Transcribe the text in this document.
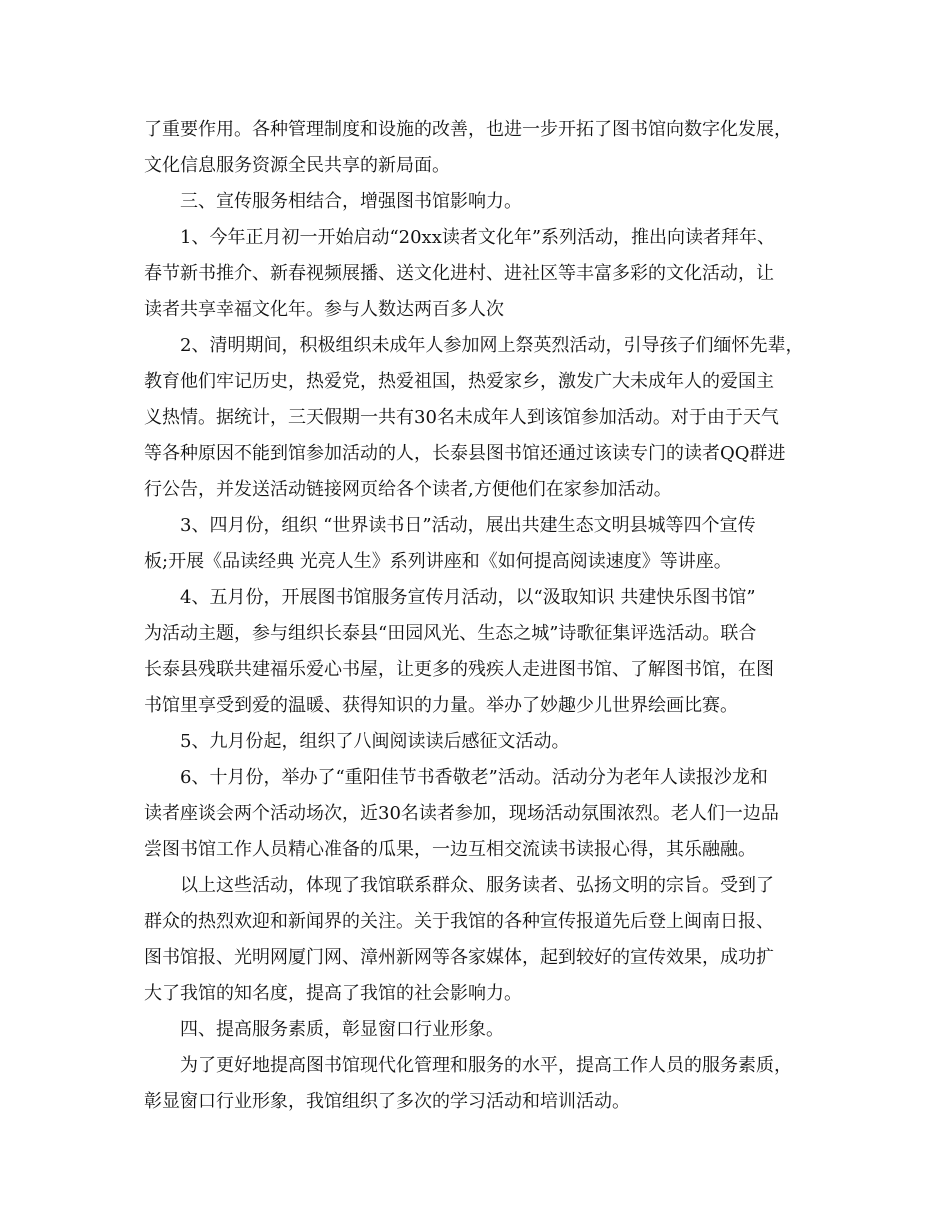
了重要作用。各种管理制度和设施的改善，也进一步开拓了图书馆向数字化发展，
文化信息服务资源全民共享的新局面。
三、宣传服务相结合，增强图书馆影响力。
1、今年正月初一开始启动“20xx读者文化年”系列活动，推出向读者拜年、
春节新书推介、新春视频展播、送文化进村、进社区等丰富多彩的文化活动，让
读者共享幸福文化年。参与人数达两百多人次
2、清明期间，积极组织未成年人参加网上祭英烈活动，引导孩子们缅怀先辈，
教育他们牢记历史，热爱党，热爱祖国，热爱家乡，激发广大未成年人的爱国主
义热情。据统计，三天假期一共有30名未成年人到该馆参加活动。对于由于天气
等各种原因不能到馆参加活动的人，长泰县图书馆还通过该读专门的读者QQ群进
行公告，并发送活动链接网页给各个读者,方便他们在家参加活动。
3、四月份，组织 “世界读书日”活动，展出共建生态文明县城等四个宣传
板;开展《品读经典 光亮人生》系列讲座和《如何提高阅读速度》等讲座。
4、五月份，开展图书馆服务宣传月活动，以“汲取知识 共建快乐图书馆”
为活动主题，参与组织长泰县“田园风光、生态之城”诗歌征集评选活动。联合
长泰县残联共建福乐爱心书屋，让更多的残疾人走进图书馆、了解图书馆，在图
书馆里享受到爱的温暖、获得知识的力量。举办了妙趣少儿世界绘画比赛。
5、九月份起，组织了八闽阅读读后感征文活动。
6、十月份，举办了“重阳佳节书香敬老”活动。活动分为老年人读报沙龙和
读者座谈会两个活动场次，近30名读者参加，现场活动氛围浓烈。老人们一边品
尝图书馆工作人员精心准备的瓜果，一边互相交流读书读报心得，其乐融融。
以上这些活动，体现了我馆联系群众、服务读者、弘扬文明的宗旨。受到了
群众的热烈欢迎和新闻界的关注。关于我馆的各种宣传报道先后登上闽南日报、
图书馆报、光明网厦门网、漳州新网等各家媒体，起到较好的宣传效果，成功扩
大了我馆的知名度，提高了我馆的社会影响力。
四、提高服务素质，彰显窗口行业形象。
为了更好地提高图书馆现代化管理和服务的水平，提高工作人员的服务素质，
彰显窗口行业形象，我馆组织了多次的学习活动和培训活动。
